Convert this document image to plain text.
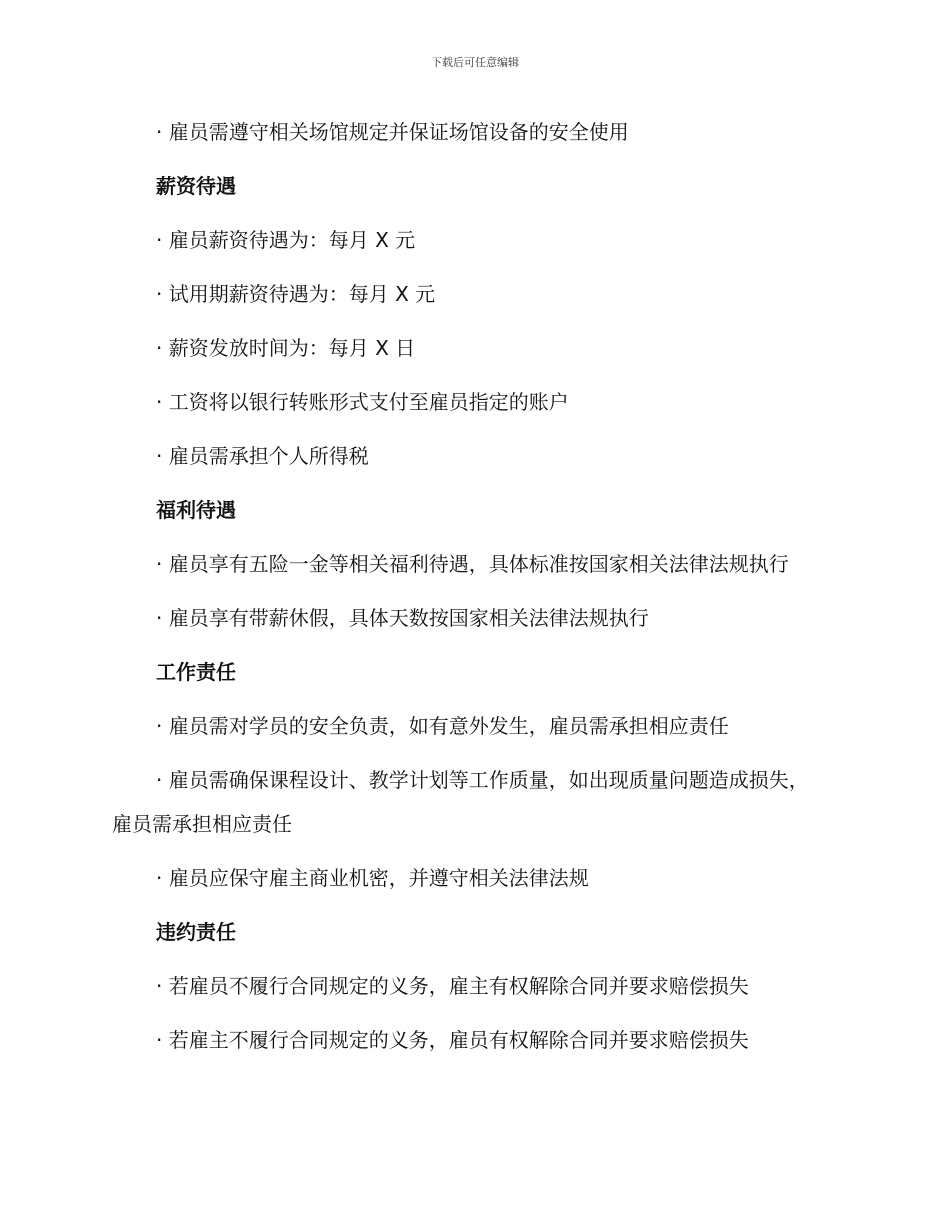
下载后可任意编辑

· 雇员需遵守相关场馆规定并保证场馆设备的安全使用

薪资待遇

· 雇员薪资待遇为：每月 X 元

· 试用期薪资待遇为：每月 X 元

· 薪资发放时间为：每月 X 日

· 工资将以银行转账形式支付至雇员指定的账户

· 雇员需承担个人所得税

福利待遇

· 雇员享有五险一金等相关福利待遇，具体标准按国家相关法律法规执行

· 雇员享有带薪休假，具体天数按国家相关法律法规执行

工作责任

· 雇员需对学员的安全负责，如有意外发生，雇员需承担相应责任

· 雇员需确保课程设计、教学计划等工作质量，如出现质量问题造成损失，雇员需承担相应责任

· 雇员应保守雇主商业机密，并遵守相关法律法规

违约责任

· 若雇员不履行合同规定的义务，雇主有权解除合同并要求赔偿损失

· 若雇主不履行合同规定的义务，雇员有权解除合同并要求赔偿损失
